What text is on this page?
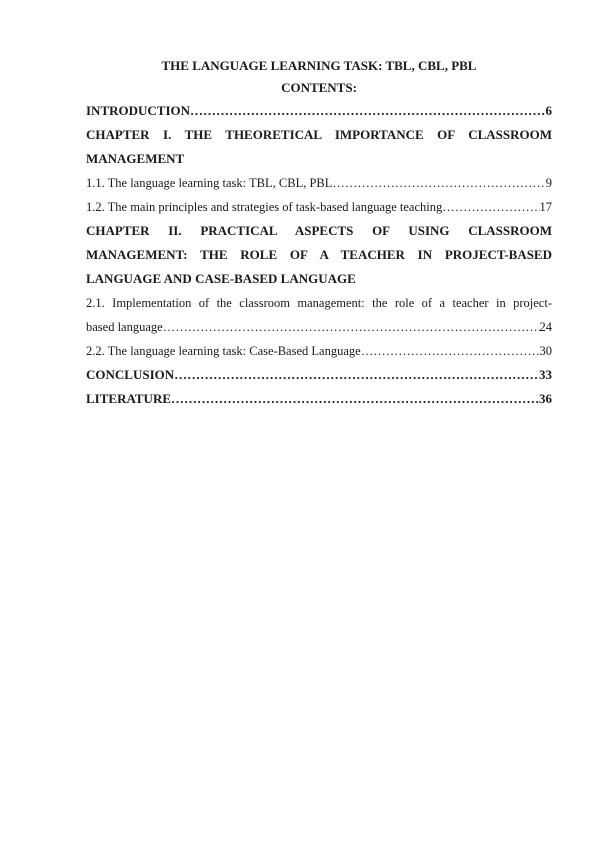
THE LANGUAGE LEARNING TASK: TBL, CBL, PBL

CONTENTS:

INTRODUCTION ………………………………………………………………………………………………………………………………	6
CHAPTER I. THE THEORETICAL IMPORTANCE OF CLASSROOM
MANAGEMENT
1.1. The language learning task: TBL, CBL, PBL ………………………………………………………………………………………………………………………………	9
1.2. The main principles and strategies of task-based language teaching ………………………………………………………………………………………………………………………………	17
CHAPTER II. PRACTICAL ASPECTS OF USING CLASSROOM
MANAGEMENT: THE ROLE OF A TEACHER IN PROJECT-BASED
LANGUAGE AND CASE-BASED LANGUAGE
2.1. Implementation of the classroom management: the role of a teacher in project-
based language ………………………………………………………………………………………………………………………………	24
2.2. The language learning task: Case-Based Language ………………………………………………………………………………………………………………………………	30
CONCLUSION ………………………………………………………………………………………………………………………………	33
LITERATURE ………………………………………………………………………………………………………………………………	36
